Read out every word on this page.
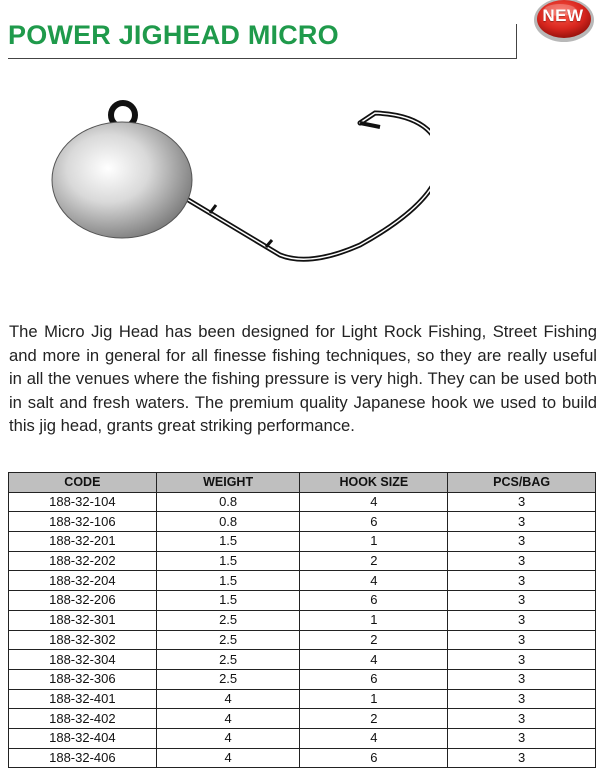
POWER JIGHEAD MICRO
NEW

The Micro Jig Head has been designed for Light Rock Fishing, Street Fishing and more in general for all finesse fishing techniques, so they are really useful in all the venues where the fishing pressure is very high. They can be used both in salt and fresh waters. The premium quality Japanese hook we used to build this jig head, grants great striking performance.

CODE	WEIGHT	HOOK SIZE	PCS/BAG
188-32-104	0.8	4	3
188-32-106	0.8	6	3
188-32-201	1.5	1	3
188-32-202	1.5	2	3
188-32-204	1.5	4	3
188-32-206	1.5	6	3
188-32-301	2.5	1	3
188-32-302	2.5	2	3
188-32-304	2.5	4	3
188-32-306	2.5	6	3
188-32-401	4	1	3
188-32-402	4	2	3
188-32-404	4	4	3
188-32-406	4	6	3
